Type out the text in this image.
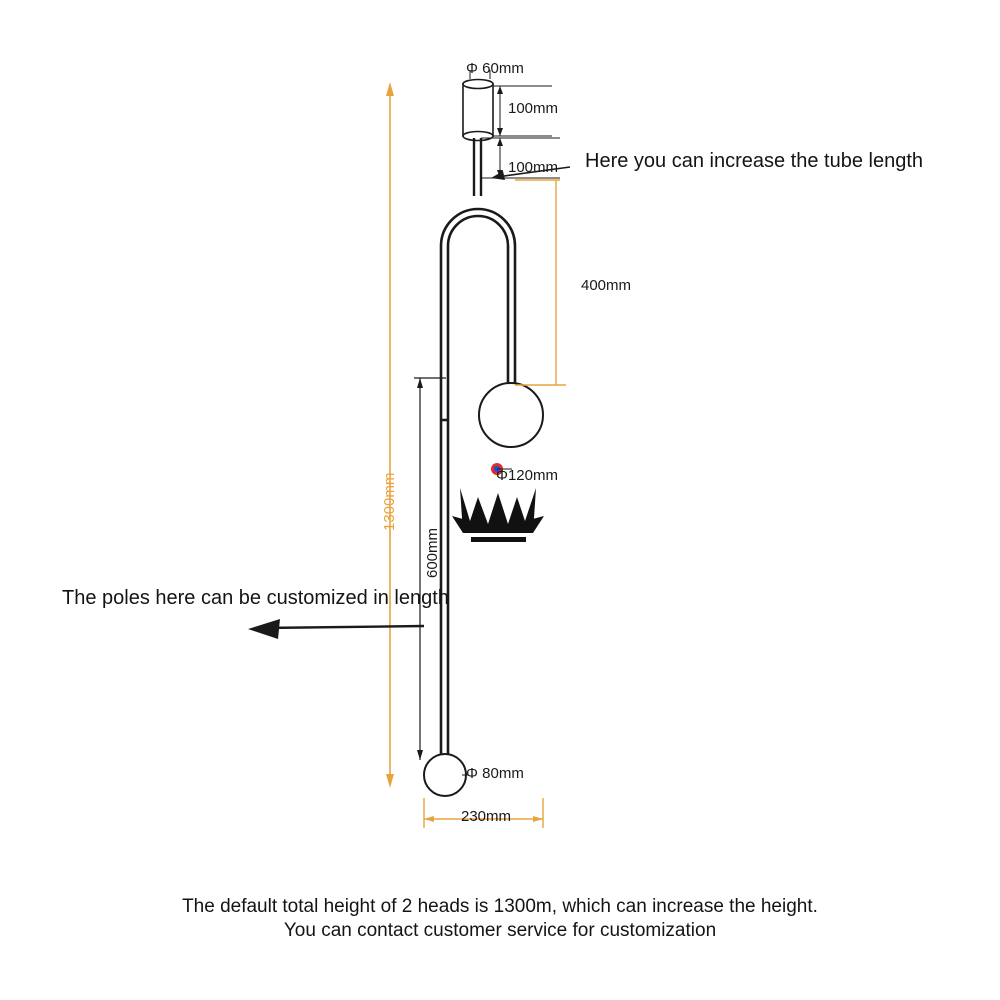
Φ 60mm
100mm
100mm
400mm
Φ120mm
600mm
1300mm
Φ 80mm
230mm
Here you can increase the tube length
The poles here can be customized in length
The default total height of 2 heads is 1300m, which can increase the height.
You can contact customer service for customization
